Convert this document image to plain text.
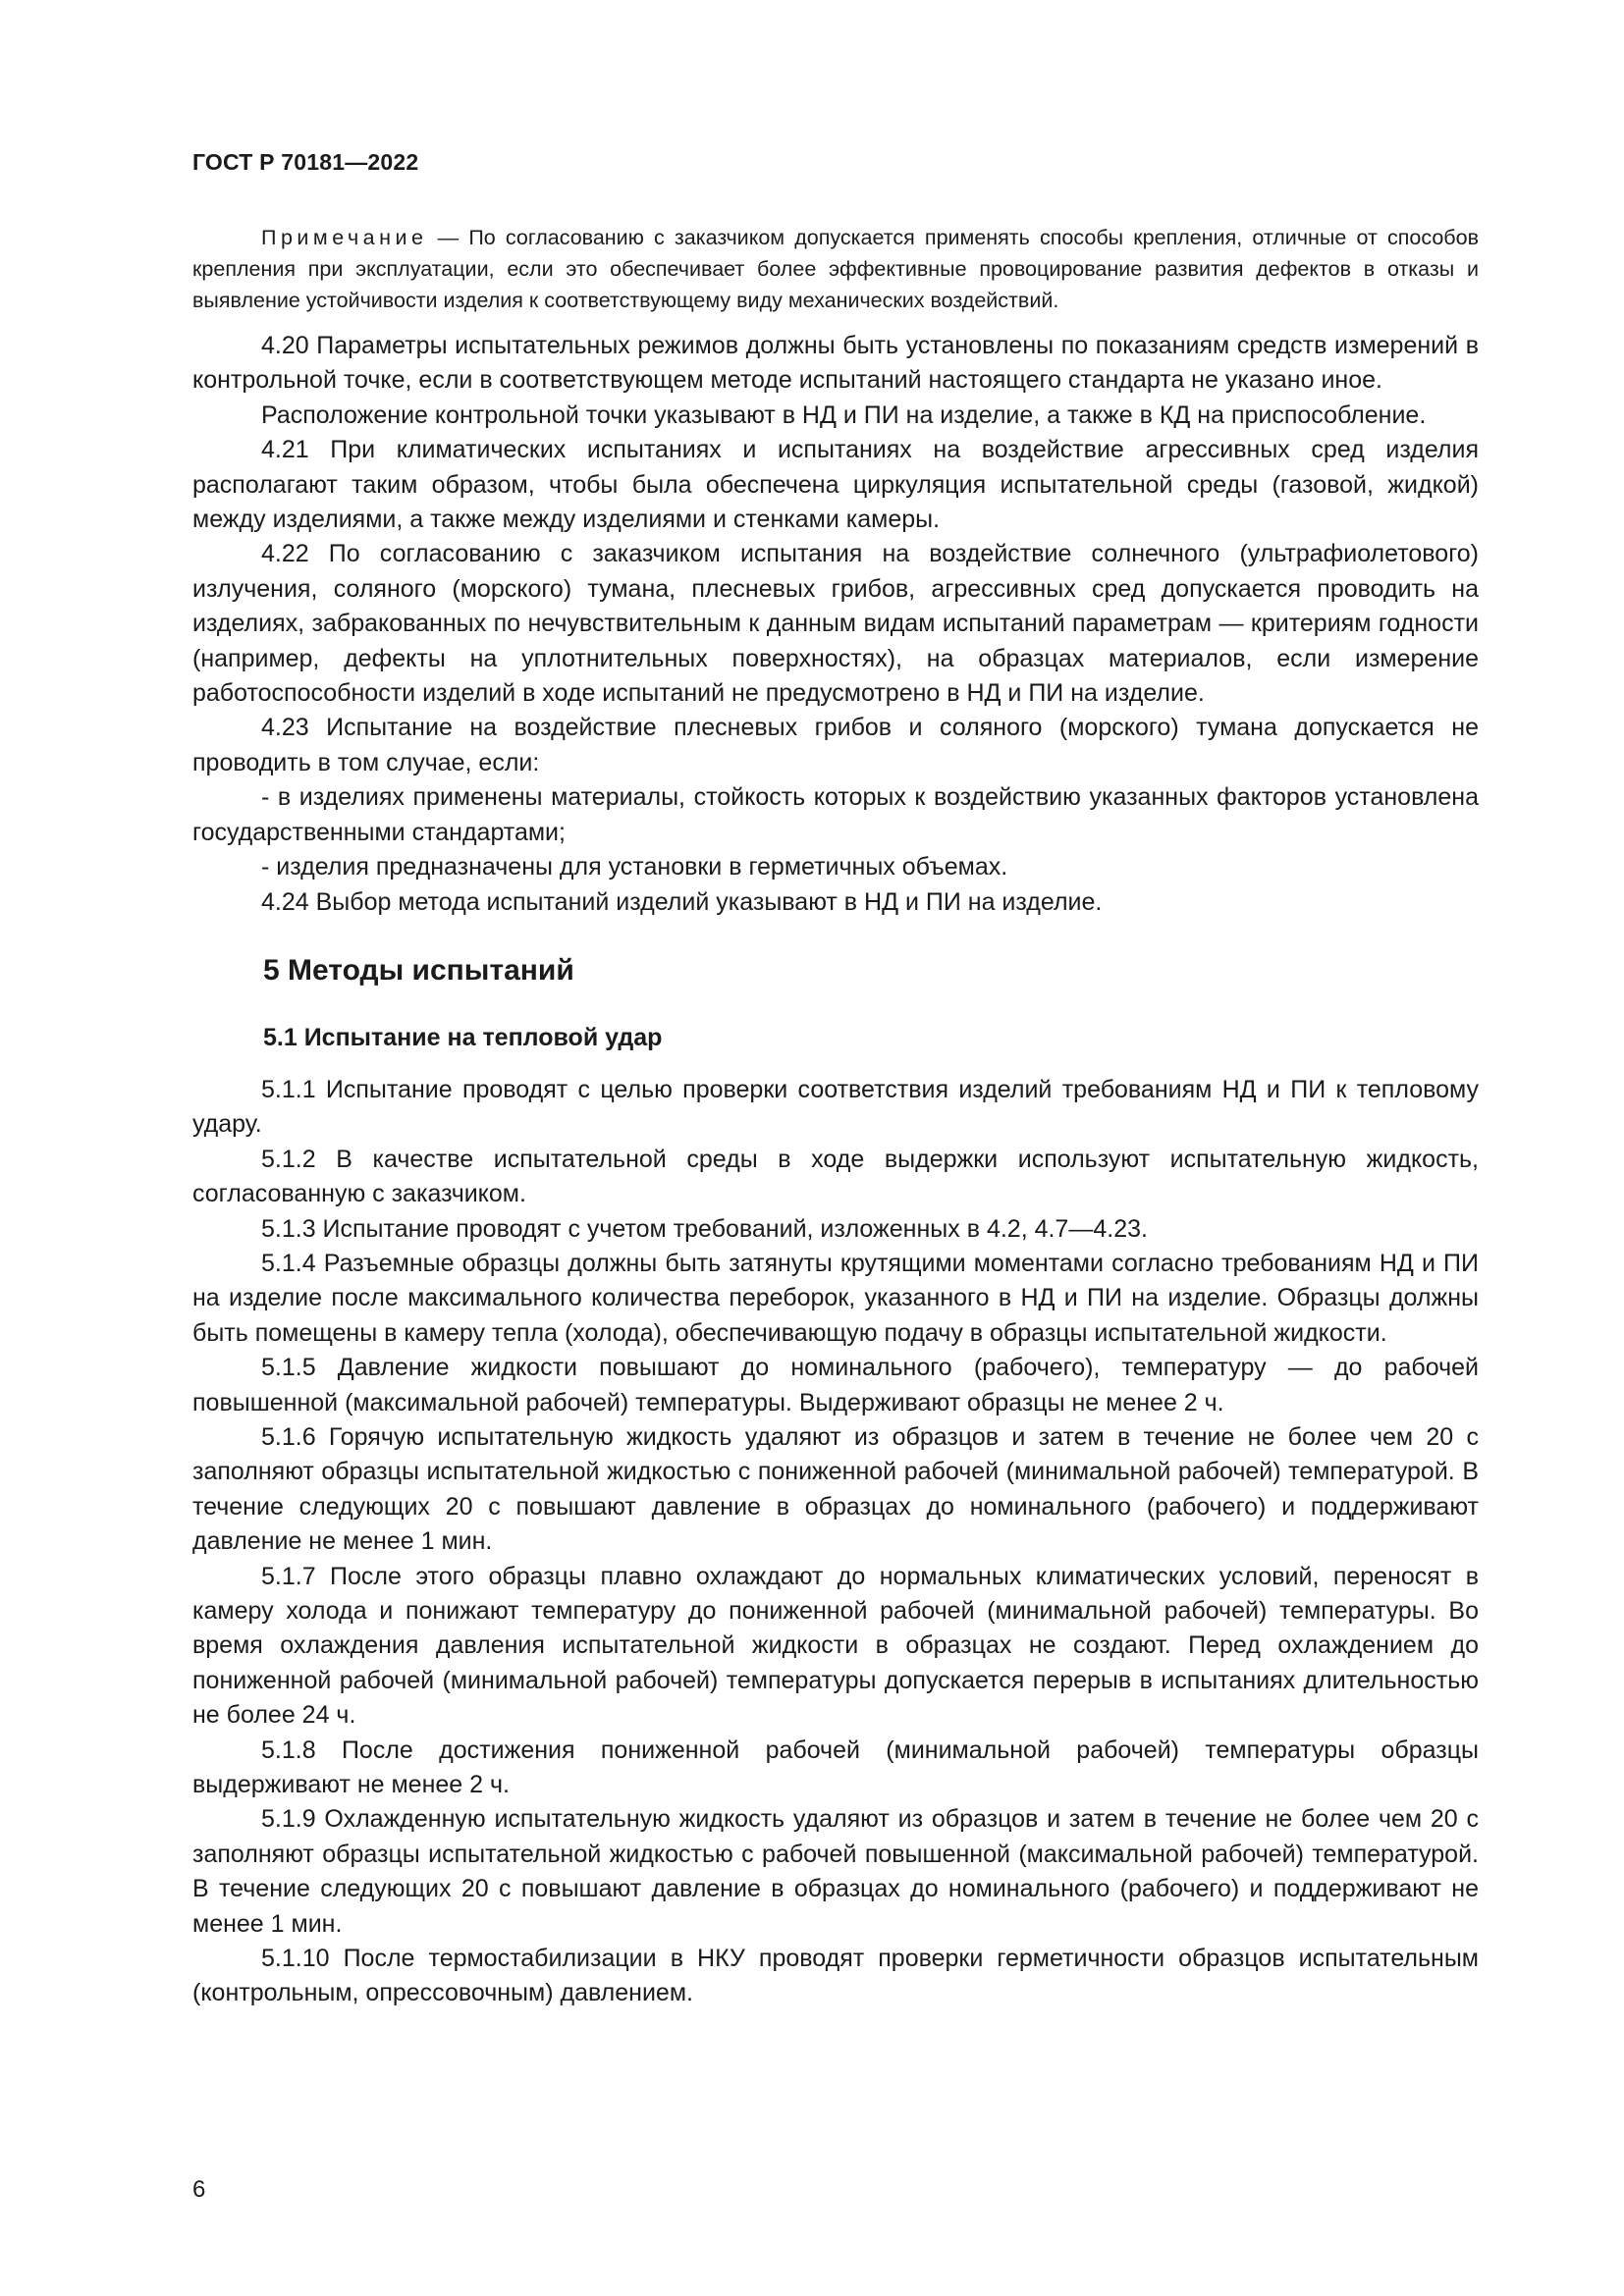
ГОСТ Р 70181—2022

Примечание — По согласованию с заказчиком допускается применять способы крепления, отличные от способов крепления при эксплуатации, если это обеспечивает более эффективные провоцирование развития дефектов в отказы и выявление устойчивости изделия к соответствующему виду механических воздействий.

4.20 Параметры испытательных режимов должны быть установлены по показаниям средств измерений в контрольной точке, если в соответствующем методе испытаний настоящего стандарта не указано иное.

Расположение контрольной точки указывают в НД и ПИ на изделие, а также в КД на приспособление.

4.21 При климатических испытаниях и испытаниях на воздействие агрессивных сред изделия располагают таким образом, чтобы была обеспечена циркуляция испытательной среды (газовой, жидкой) между изделиями, а также между изделиями и стенками камеры.

4.22 По согласованию с заказчиком испытания на воздействие солнечного (ультрафиолетового) излучения, соляного (морского) тумана, плесневых грибов, агрессивных сред допускается проводить на изделиях, забракованных по нечувствительным к данным видам испытаний параметрам — критериям годности (например, дефекты на уплотнительных поверхностях), на образцах материалов, если измерение работоспособности изделий в ходе испытаний не предусмотрено в НД и ПИ на изделие.

4.23 Испытание на воздействие плесневых грибов и соляного (морского) тумана допускается не проводить в том случае, если:

- в изделиях применены материалы, стойкость которых к воздействию указанных факторов установлена государственными стандартами;

- изделия предназначены для установки в герметичных объемах.

4.24 Выбор метода испытаний изделий указывают в НД и ПИ на изделие.

5 Методы испытаний
5.1 Испытание на тепловой удар

5.1.1 Испытание проводят с целью проверки соответствия изделий требованиям НД и ПИ к тепловому удару.

5.1.2 В качестве испытательной среды в ходе выдержки используют испытательную жидкость, согласованную с заказчиком.

5.1.3 Испытание проводят с учетом требований, изложенных в 4.2, 4.7—4.23.

5.1.4 Разъемные образцы должны быть затянуты крутящими моментами согласно требованиям НД и ПИ на изделие после максимального количества переборок, указанного в НД и ПИ на изделие. Образцы должны быть помещены в камеру тепла (холода), обеспечивающую подачу в образцы испытательной жидкости.

5.1.5 Давление жидкости повышают до номинального (рабочего), температуру — до рабочей повышенной (максимальной рабочей) температуры. Выдерживают образцы не менее 2 ч.

5.1.6 Горячую испытательную жидкость удаляют из образцов и затем в течение не более чем 20 с заполняют образцы испытательной жидкостью с пониженной рабочей (минимальной рабочей) температурой. В течение следующих 20 с повышают давление в образцах до номинального (рабочего) и поддерживают давление не менее 1 мин.

5.1.7 После этого образцы плавно охлаждают до нормальных климатических условий, переносят в камеру холода и понижают температуру до пониженной рабочей (минимальной рабочей) температуры. Во время охлаждения давления испытательной жидкости в образцах не создают. Перед охлаждением до пониженной рабочей (минимальной рабочей) температуры допускается перерыв в испытаниях длительностью не более 24 ч.

5.1.8 После достижения пониженной рабочей (минимальной рабочей) температуры образцы выдерживают не менее 2 ч.

5.1.9 Охлажденную испытательную жидкость удаляют из образцов и затем в течение не более чем 20 с заполняют образцы испытательной жидкостью с рабочей повышенной (максимальной рабочей) температурой. В течение следующих 20 с повышают давление в образцах до номинального (рабочего) и поддерживают не менее 1 мин.

5.1.10 После термостабилизации в НКУ проводят проверки герметичности образцов испытательным (контрольным, опрессовочным) давлением.

6
